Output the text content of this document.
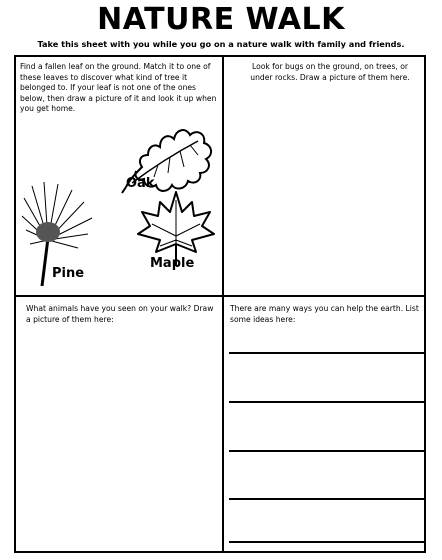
NATURE WALK
Take this sheet with you while you go on a nature walk with family and friends.
Find a fallen leaf on the ground. Match it to one of these leaves to discover what kind of tree it belonged to. If your leaf is not one of the ones below, then draw a picture of it and look it up when you get home.
Oak
Pine
Maple
Look for bugs on the ground, on trees, or under rocks. Draw a picture of them here.
What animals have you seen on your walk? Draw a picture of them here:
There are many ways you can help the earth. List some ideas here:
